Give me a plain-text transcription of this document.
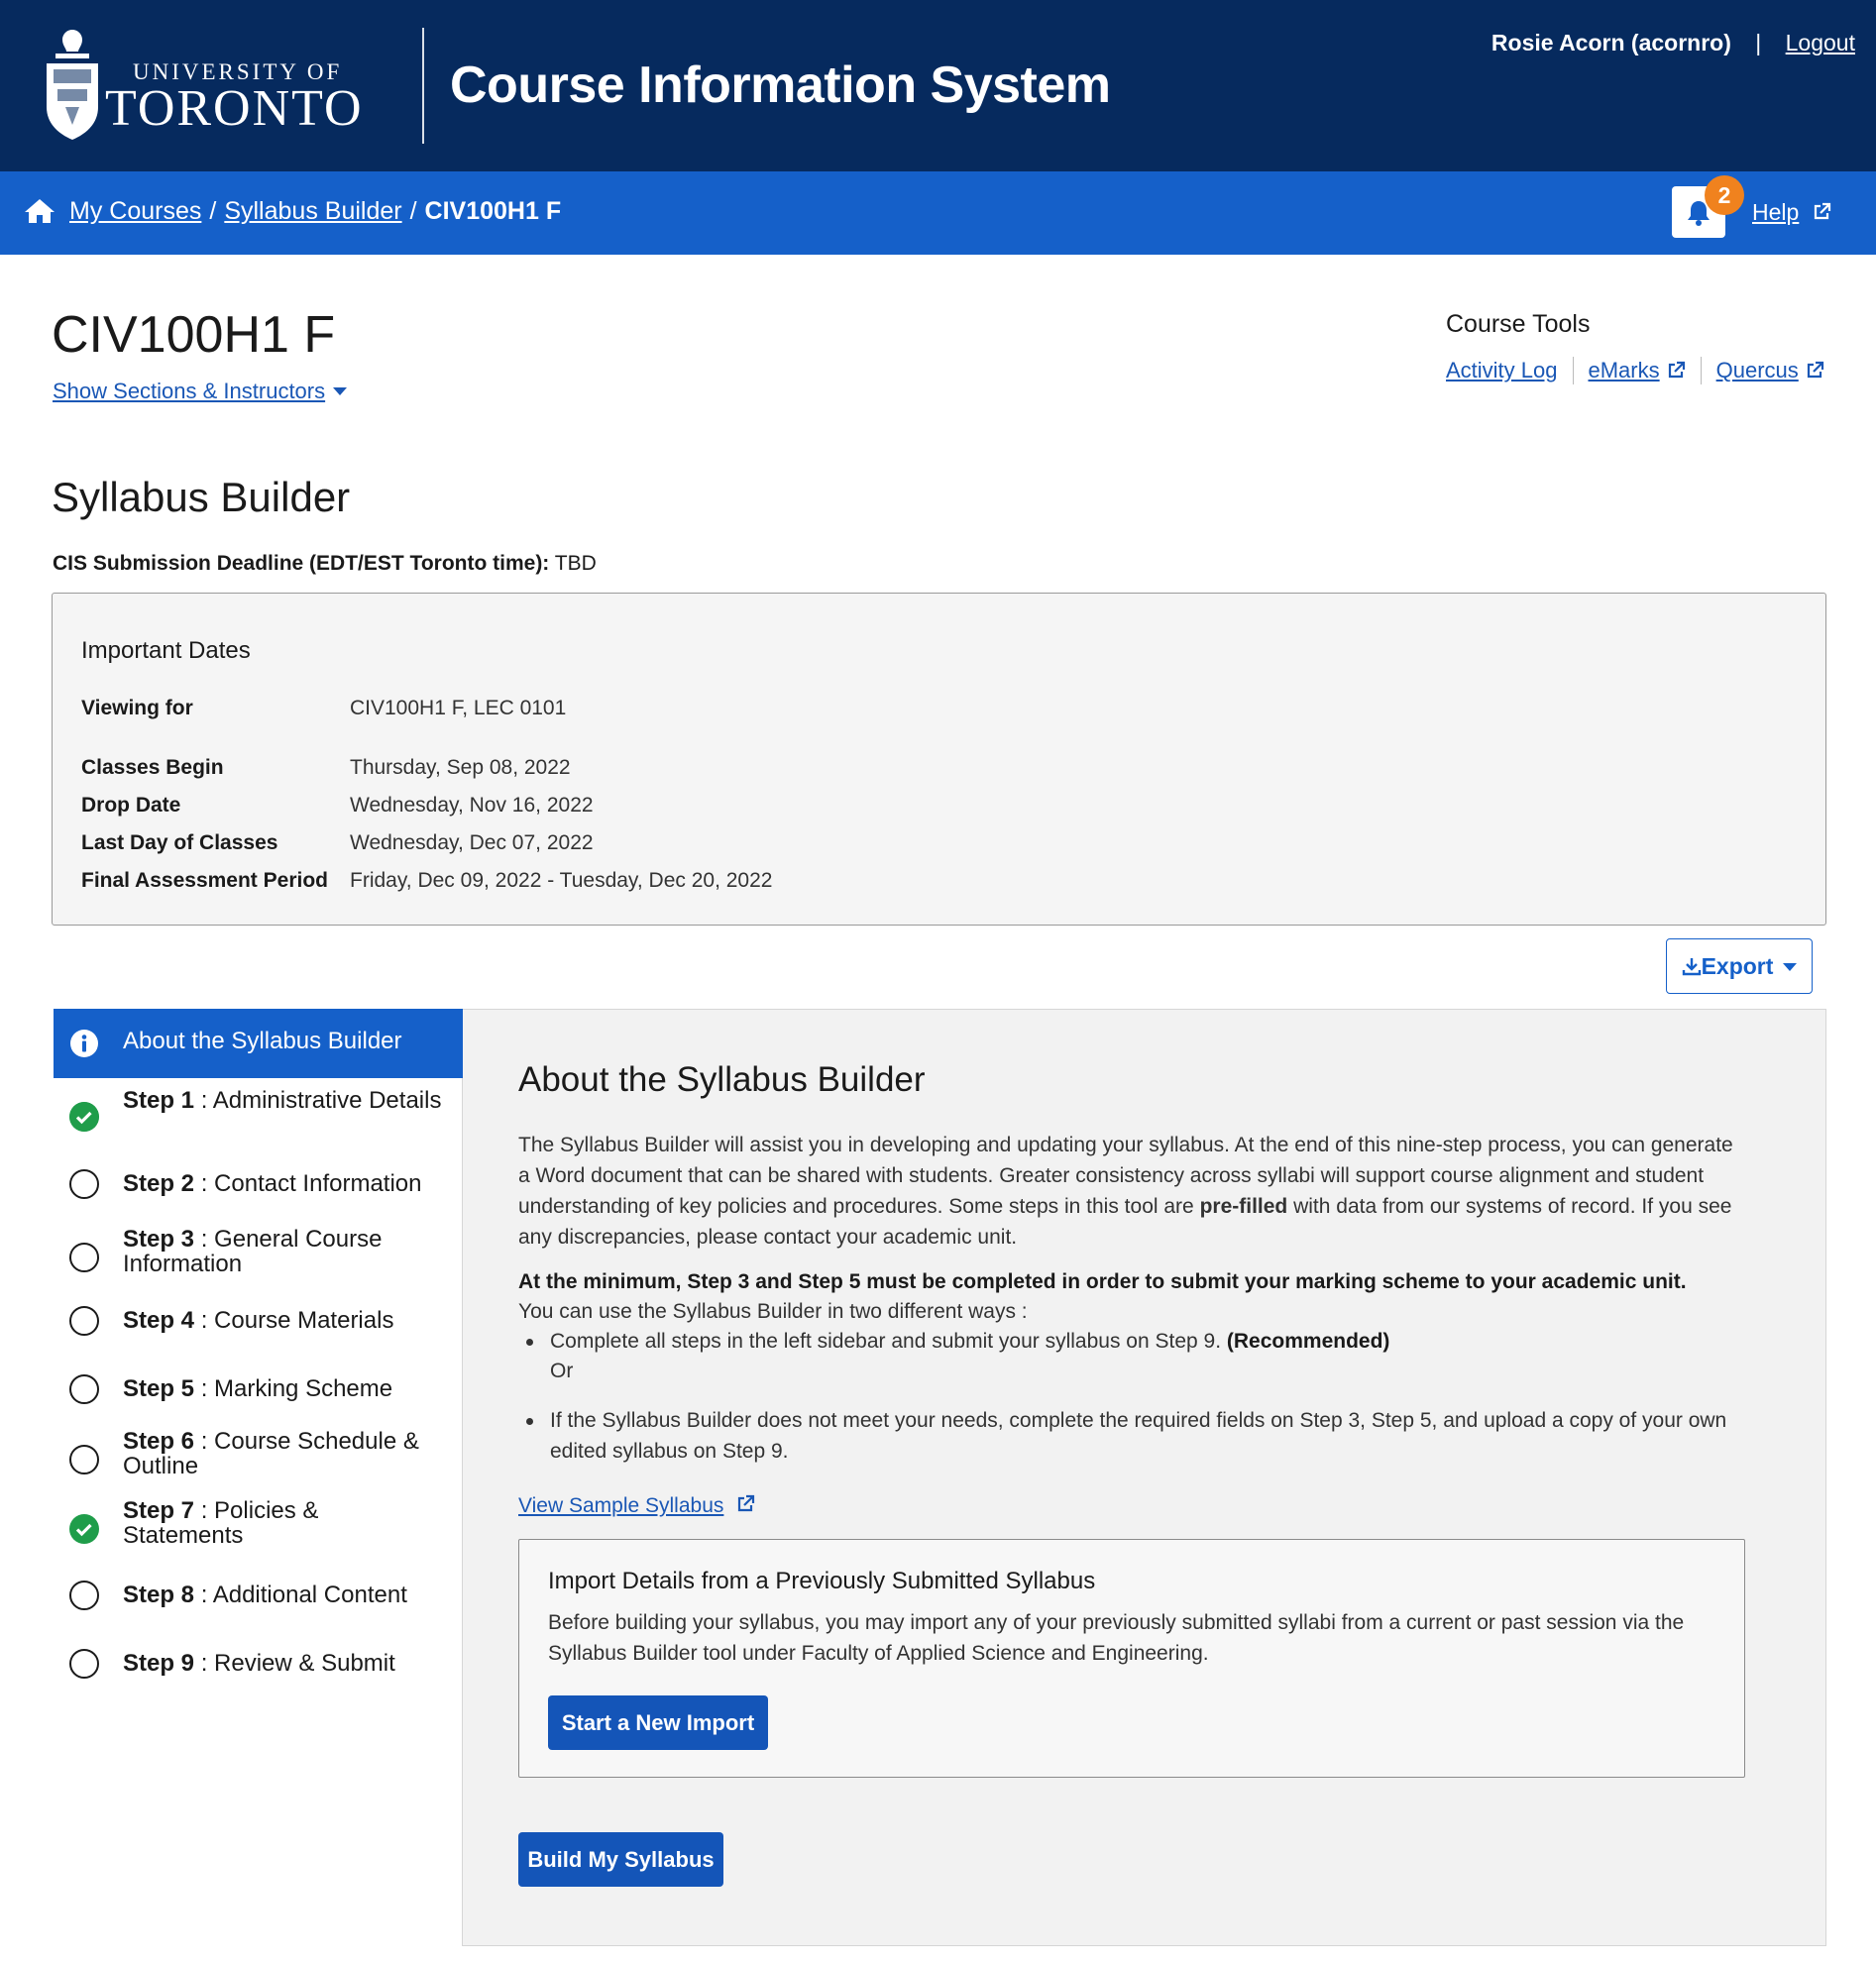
UNIVERSITY OF
TORONTO Course Information System
Rosie Acorn (acornro) | Logout
My Courses / Syllabus Builder / CIV100H1 F
2
Help
CIV100H1 F
Show Sections & Instructors
Course Tools
Activity Log eMarks	Quercus
Syllabus Builder
CIS Submission Deadline (EDT/EST Toronto time): TBD
Important Dates
Viewing for	CIV100H1 F, LEC 0101
Classes Begin	Thursday, Sep 08, 2022
Drop Date	Wednesday, Nov 16, 2022
Last Day of Classes	Wednesday, Dec 07, 2022
Final Assessment Period Friday, Dec 09, 2022 - Tuesday, Dec 20, 2022
Export
About the Syllabus Builder
Step 1 : Administrative Details
Step 2 : Contact Information
Step 3 : General Course Information
Step 4 : Course Materials
Step 5 : Marking Scheme
Step 6 : Course Schedule & Outline
Step 7 : Policies & Statements
Step 8 : Additional Content
Step 9 : Review & Submit
About the Syllabus Builder
The Syllabus Builder will assist you in developing and updating your syllabus. At the end of this nine-step process, you can generate a Word document that can be shared with students. Greater consistency across syllabi will support course alignment and student understanding of key policies and procedures. Some steps in this tool are pre-filled with data from our systems of record. If you see any discrepancies, please contact your academic unit.
At the minimum, Step 3 and Step 5 must be completed in order to submit your marking scheme to your academic unit.
You can use the Syllabus Builder in two different ways :
Complete all steps in the left sidebar and submit your syllabus on Step 9. (Recommended)
Or
If the Syllabus Builder does not meet your needs, complete the required fields on Step 3, Step 5, and upload a copy of your own edited syllabus on Step 9.
View Sample Syllabus
Import Details from a Previously Submitted Syllabus
Before building your syllabus, you may import any of your previously submitted syllabi from a current or past session via the Syllabus Builder tool under Faculty of Applied Science and Engineering.
Start a New Import
Build My Syllabus
